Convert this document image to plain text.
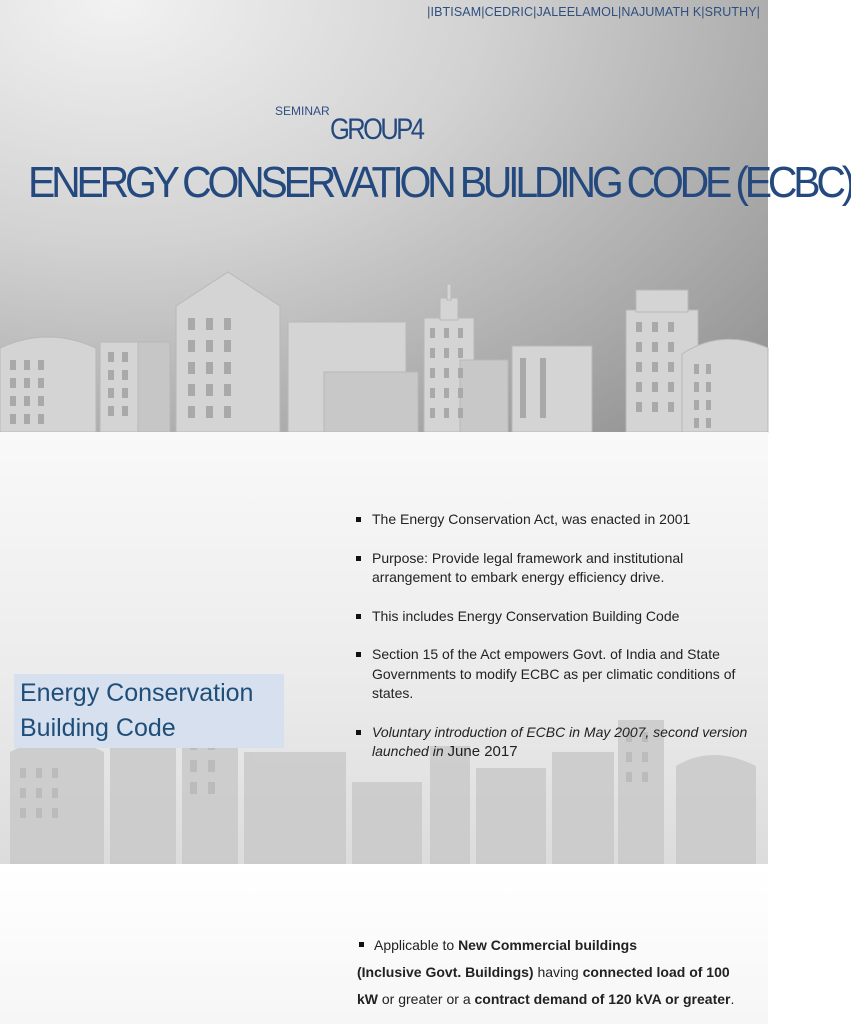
|IBTISAM|CEDRIC|JALEELAMOL|NAJUMATH K|SRUTHY|
SEMINAR
GROUP4
ENERGY CONSERVATION BUILDING CODE (ECBC)
Energy Conservation
Building Code
The Energy Conservation Act, was enacted in 2001
Purpose: Provide legal framework and institutional arrangement to embark energy efficiency drive.
This includes Energy Conservation Building Code
Section 15 of the Act empowers Govt. of India and State Governments to modify ECBC as per climatic conditions of states.
Voluntary introduction of ECBC in May 2007, second version launched in June 2017
Applicable to New Commercial buildings
(Inclusive Govt. Buildings) having connected load of 100 kW or greater or a contract demand of 120 kVA or greater.
